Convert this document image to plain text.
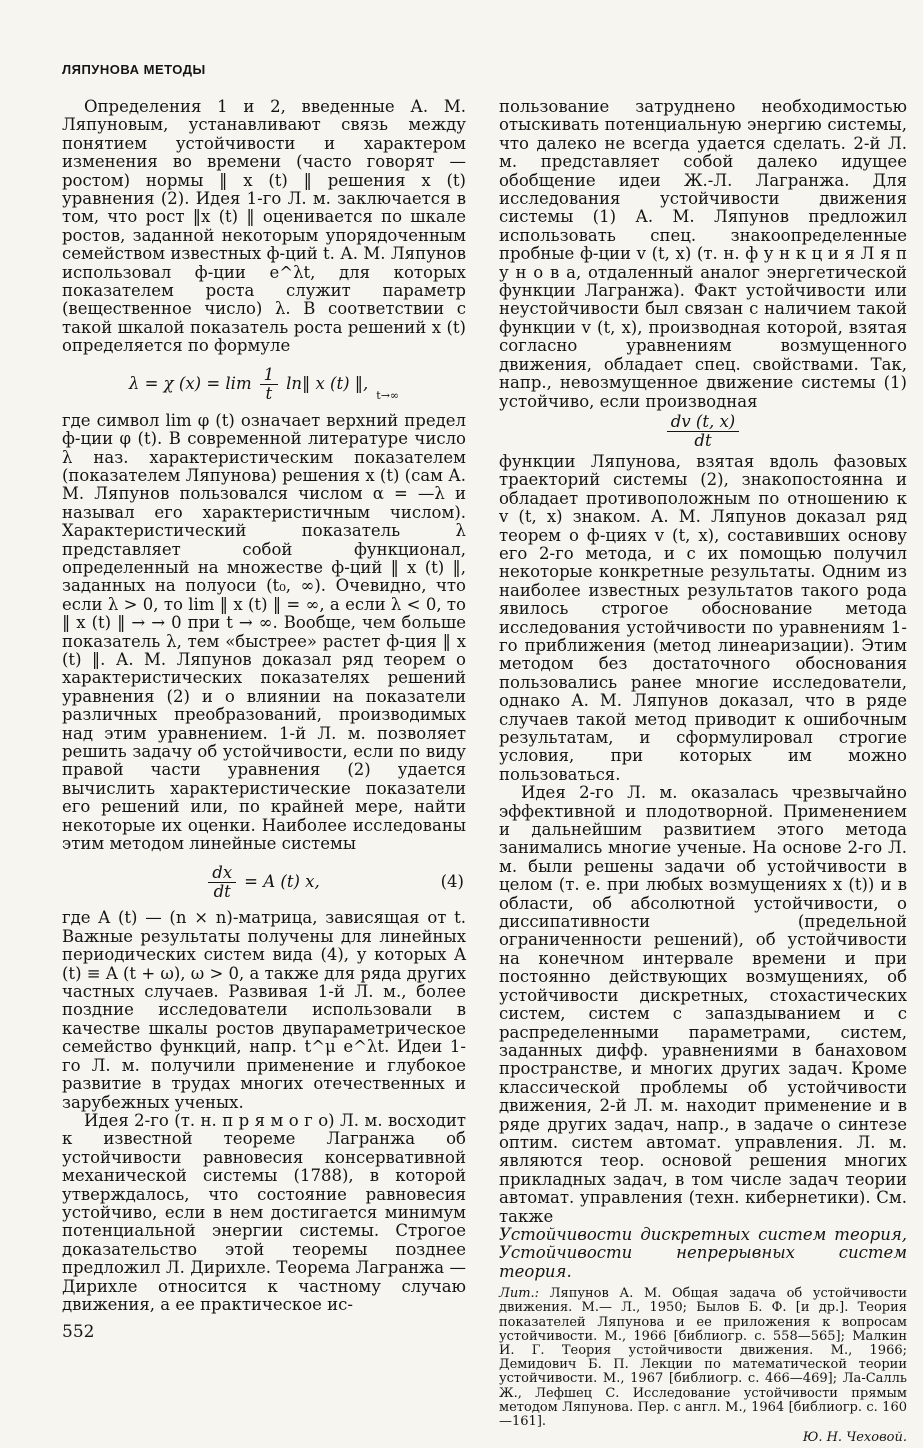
ЛЯПУНОВА МЕТОДЫ

Определения 1 и 2, введенные А. М. Ляпуновым, устанавливают связь между понятием устойчивости и характером изменения во времени (часто говорят — ростом) нормы ‖ x (t) ‖ решения x (t) уравнения (2). Идея 1-го Л. м. заключается в том, что рост ‖x (t) ‖ оценивается по шкале ростов, заданной некоторым упорядоченным семейством известных ф-ций t. А. М. Ляпунов использовал ф-ции e^λt, для которых показателем роста служит параметр (вещественное число) λ. В соответствии с такой шкалой показатель роста решений x (t) определяется по формуле

λ = χ $(x) = \lim \frac{1}{t}$ ln‖ x (t) ‖,
t→∞

где символ lim φ (t) означает верхний предел ф-ции φ (t). В современной литературе число λ наз. характеристическим показателем (показателем Ляпунова) решения x (t) (сам А. М. Ляпунов пользовался числом α = —λ и называл его характеристичным числом). Характеристический показатель λ представляет собой функционал, определенный на множестве ф-ций ‖ x (t) ‖, заданных на полуоси (t₀, ∞). Очевидно, что если λ > 0, то lim ‖ x (t) ‖ = ∞, а если λ < 0, то ‖ x (t) ‖ → → 0 при t → ∞. Вообще, чем больше показатель λ, тем «быстрее» растет ф-ция ‖ x (t) ‖. А. М. Ляпунов доказал ряд теорем о характеристических показателях решений уравнения (2) и о влиянии на показатели различных преобразований, производимых над этим уравнением. 1-й Л. м. позволяет решить задачу об устойчивости, если по виду правой части уравнения (2) удается вычислить характеристические показатели его решений или, по крайней мере, найти некоторые их оценки. Наиболее исследованы этим методом линейные системы

$\frac{dx}{dt} = A$ (t) x,	(4)

где A (t) — (n × n)-матрица, зависящая от t. Важные результаты получены для линейных периодических систем вида (4), у которых A (t) ≡ A (t + ω), ω > 0, а также для ряда других частных случаев. Развивая 1-й Л. м., более поздние исследователи использовали в качестве шкалы ростов двупараметрическое семейство функций, напр. t^μ e^λt. Идеи 1-го Л. м. получили применение и глубокое развитие в трудах многих отечественных и зарубежных ученых.

Идея 2-го (т. н. п р я м о г о) Л. м. восходит к известной теореме Лагранжа об устойчивости равновесия консервативной механической системы (1788), в которой утверждалось, что состояние равновесия устойчиво, если в нем достигается минимум потенциальной энергии системы. Строгое доказательство этой теоремы позднее предложил Л. Дирихле. Теорема Лагранжа — Дирихле относится к частному случаю движения, а ее практическое ис-

пользование затруднено необходимостью отыскивать потенциальную энергию системы, что далеко не всегда удается сделать. 2-й Л. м. представляет собой далеко идущее обобщение идеи Ж.-Л. Лагранжа. Для исследования устойчивости движения системы (1) А. М. Ляпунов предложил использовать спец. знакоопределенные пробные ф-ции v (t, x) (т. н. ф у н к ц и я Л я п у н о в а, отдаленный аналог энергетической функции Лагранжа). Факт устойчивости или неустойчивости был связан с наличием такой функции v (t, x), производная которой, взятая согласно уравнениям возмущенного движения, обладает спец. свойствами. Так, напр., невозмущенное движение системы (1) устойчиво, если производная

$\frac{dv (t, x)}{dt}$

функции Ляпунова, взятая вдоль фазовых траекторий системы (2), знакопостоянна и обладает противоположным по отношению к v (t, x) знаком. А. М. Ляпунов доказал ряд теорем о ф-циях v (t, x), составивших основу его 2-го метода, и с их помощью получил некоторые конкретные результаты. Одним из наиболее известных результатов такого рода явилось строгое обоснование метода исследования устойчивости по уравнениям 1-го приближения (метод линеаризации). Этим методом без достаточного обоснования пользовались ранее многие исследователи, однако А. М. Ляпунов доказал, что в ряде случаев такой метод приводит к ошибочным результатам, и сформулировал строгие условия, при которых им можно пользоваться.

Идея 2-го Л. м. оказалась чрезвычайно эффективной и плодотворной. Применением и дальнейшим развитием этого метода занимались многие ученые. На основе 2-го Л. м. были решены задачи об устойчивости в целом (т. е. при любых возмущениях x (t)) и в области, об абсолютной устойчивости, о диссипативности (предельной ограниченности решений), об устойчивости на конечном интервале времени и при постоянно действующих возмущениях, об устойчивости дискретных, стохастических систем, систем с запаздыванием и с распределенными параметрами, систем, заданных дифф. уравнениями в банаховом пространстве, и многих других задач. Кроме классической проблемы об устойчивости движения, 2-й Л. м. находит применение и в ряде других задач, напр., в задаче о синтезе оптим. систем автомат. управления. Л. м. являются теор. основой решения многих прикладных задач, в том числе задач теории автомат. управления (техн. кибернетики). См. также

Устойчивости дискретных систем теория, Устойчивости непрерывных систем теория.

Лит.: Ляпунов А. М. Общая задача об устойчивости движения. М.— Л., 1950; Былов Б. Ф. [и др.]. Теория показателей Ляпунова и ее приложения к вопросам устойчивости. М., 1966 [библиогр. с. 558—565]; Малкин И. Г. Теория устойчивости движения. М., 1966; Демидович Б. П. Лекции по математической теории устойчивости. М., 1967 [библиогр. с. 466—469]; Ла-Салль Ж., Лефшец С. Исследование устойчивости прямым методом Ляпунова. Пер. с англ. М., 1964 [библиогр. с. 160—161].
Ю. Н. Чеховой.
552
